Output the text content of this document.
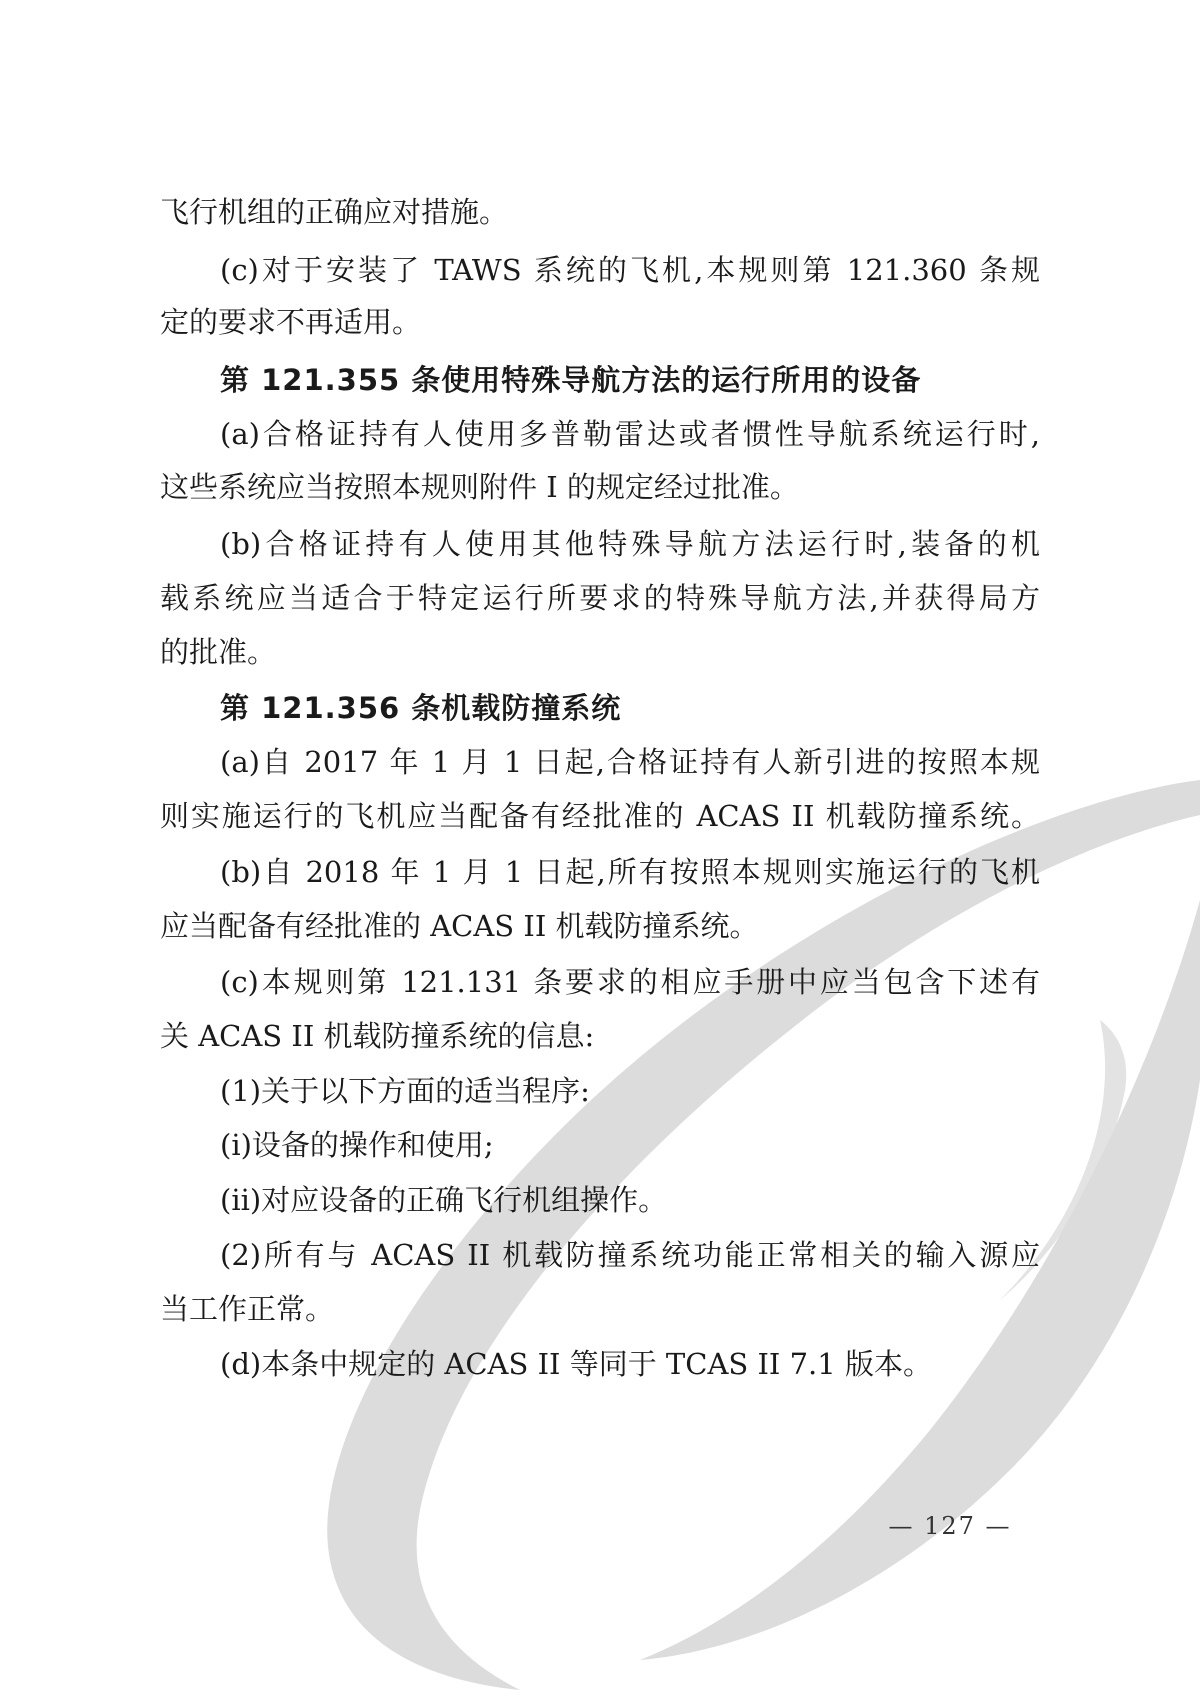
飞行机组的正确应对措施。
(c)对于安装了 TAWS 系统的飞机,本规则第 121.360 条规
定的要求不再适用。
第 121.355 条使用特殊导航方法的运行所用的设备
(a)合格证持有人使用多普勒雷达或者惯性导航系统运行时,
这些系统应当按照本规则附件 I 的规定经过批准。
(b)合格证持有人使用其他特殊导航方法运行时,装备的机
载系统应当适合于特定运行所要求的特殊导航方法,并获得局方
的批准。
第 121.356 条机载防撞系统
(a)自 2017 年 1 月 1 日起,合格证持有人新引进的按照本规
则实施运行的飞机应当配备有经批准的 ACAS II 机载防撞系统。
(b)自 2018 年 1 月 1 日起,所有按照本规则实施运行的飞机
应当配备有经批准的 ACAS II 机载防撞系统。
(c)本规则第 121.131 条要求的相应手册中应当包含下述有
关 ACAS II 机载防撞系统的信息:
(1)关于以下方面的适当程序:
(i)设备的操作和使用;
(ii)对应设备的正确飞行机组操作。
(2)所有与 ACAS II 机载防撞系统功能正常相关的输入源应
当工作正常。
(d)本条中规定的 ACAS II 等同于 TCAS II 7.1 版本。
— 127 —
